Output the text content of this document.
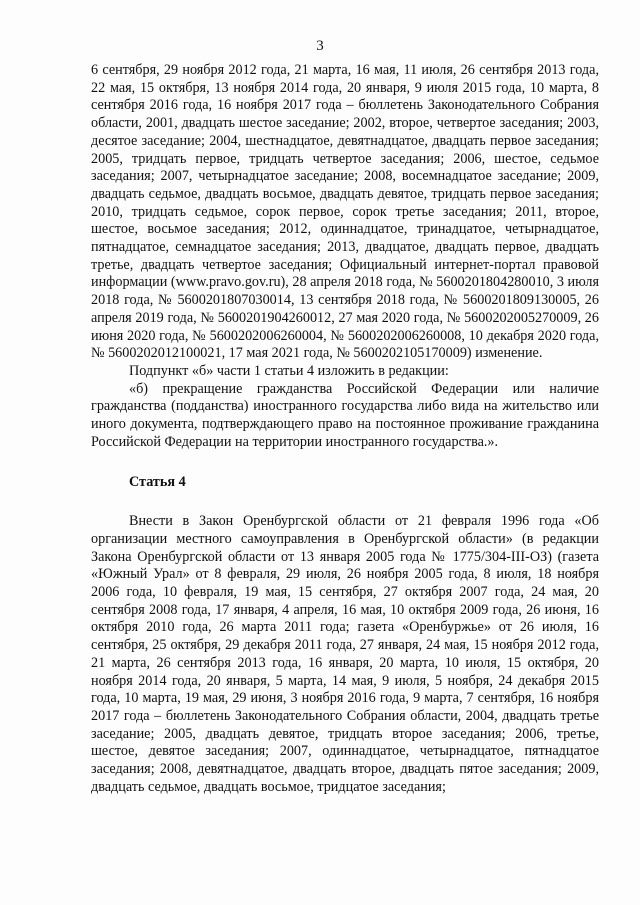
3

6 сентября, 29 ноября 2012 года, 21 марта, 16 мая, 11 июля, 26 сентября 2013 года, 22 мая, 15 октября, 13 ноября 2014 года, 20 января, 9 июля 2015 года, 10 марта, 8 сентября 2016 года, 16 ноября 2017 года – бюллетень Законодательного Собрания области, 2001, двадцать шестое заседание; 2002, второе, четвертое заседания; 2003, десятое заседание; 2004, шестнадцатое, девятнадцатое, двадцать первое заседания; 2005, тридцать первое, тридцать четвертое заседания; 2006, шестое, седьмое заседания; 2007, четырнадцатое заседание; 2008, восемнадцатое заседание; 2009, двадцать седьмое, двадцать восьмое, двадцать девятое, тридцать первое заседания; 2010, тридцать седьмое, сорок первое, сорок третье заседания; 2011, второе, шестое, восьмое заседания; 2012, одиннадцатое, тринадцатое, четырнадцатое, пятнадцатое, семнадцатое заседания; 2013, двадцатое, двадцать первое, двадцать третье, двадцать четвертое заседания; Официальный интернет-портал правовой информации (www.pravo.gov.ru), 28 апреля 2018 года, № 5600201804280010, 3 июля 2018 года, № 5600201807030014, 13 сентября 2018 года, № 5600201809130005, 26 апреля 2019 года, № 5600201904260012, 27 мая 2020 года, № 5600202005270009, 26 июня 2020 года, № 5600202006260004, № 5600202006260008, 10 декабря 2020 года, № 5600202012100021, 17 мая 2021 года, № 5600202105170009) изменение.

Подпункт «б» части 1 статьи 4 изложить в редакции:

«б) прекращение гражданства Российской Федерации или наличие гражданства (подданства) иностранного государства либо вида на жительство или иного документа, подтверждающего право на постоянное проживание гражданина Российской Федерации на территории иностранного государства.».

Статья 4

Внести в Закон Оренбургской области от 21 февраля 1996 года «Об организации местного самоуправления в Оренбургской области» (в редакции Закона Оренбургской области от 13 января 2005 года № 1775/304-III-ОЗ) (газета «Южный Урал» от 8 февраля, 29 июля, 26 ноября 2005 года, 8 июля, 18 ноября 2006 года, 10 февраля, 19 мая, 15 сентября, 27 октября 2007 года, 24 мая, 20 сентября 2008 года, 17 января, 4 апреля, 16 мая, 10 октября 2009 года, 26 июня, 16 октября 2010 года, 26 марта 2011 года; газета «Оренбуржье» от 26 июля, 16 сентября, 25 октября, 29 декабря 2011 года, 27 января, 24 мая, 15 ноября 2012 года, 21 марта, 26 сентября 2013 года, 16 января, 20 марта, 10 июля, 15 октября, 20 ноября 2014 года, 20 января, 5 марта, 14 мая, 9 июля, 5 ноября, 24 декабря 2015 года, 10 марта, 19 мая, 29 июня, 3 ноября 2016 года, 9 марта, 7 сентября, 16 ноября 2017 года – бюллетень Законодательного Собрания области, 2004, двадцать третье заседание; 2005, двадцать девятое, тридцать второе заседания; 2006, третье, шестое, девятое заседания; 2007, одиннадцатое, четырнадцатое, пятнадцатое заседания; 2008, девятнадцатое, двадцать второе, двадцать пятое заседания; 2009, двадцать седьмое, двадцать восьмое, тридцатое заседания;
